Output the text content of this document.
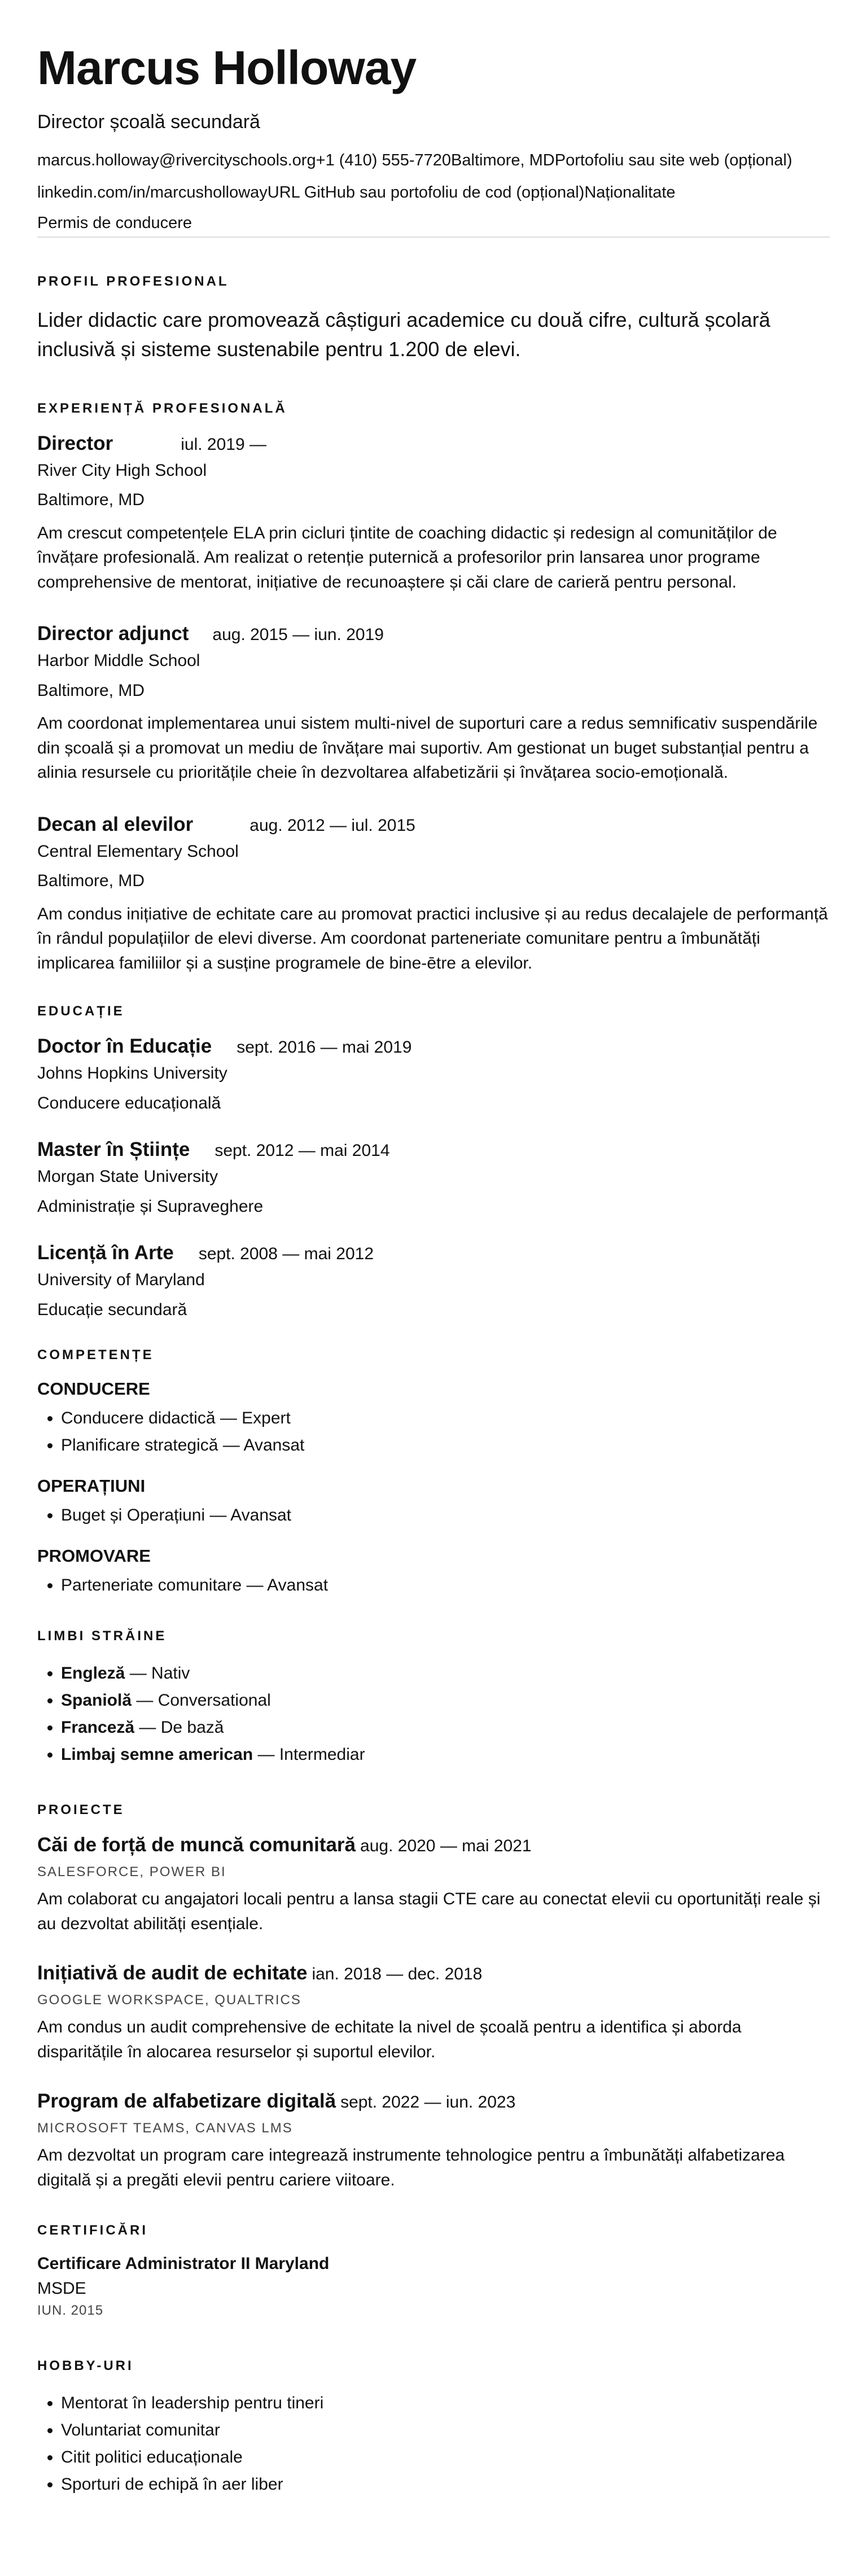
Marcus Holloway
Director școală secundară
marcus.holloway@rivercityschools.org+1 (410) 555-7720Baltimore, MDPortofoliu sau site web (opțional)
linkedin.com/in/marcushollowayURL GitHub sau portofoliu de cod (opțional)Naționalitate
Permis de conducere
PROFIL PROFESIONAL
Lider didactic care promovează câștiguri academice cu două cifre, cultură școlară inclusivă și sisteme sustenabile pentru 1.200 de elevi.
EXPERIENȚĂ PROFESIONALĂ
Director	iul. 2019 —
River City High School
Baltimore, MD
Am crescut competențele ELA prin cicluri țintite de coaching didactic și redesign al comunităților de învățare profesională. Am realizat o retenție puternică a profesorilor prin lansarea unor programe comprehensive de mentorat, inițiative de recunoaștere și căi clare de carieră pentru personal.
Director adjunct aug. 2015 — iun. 2019
Harbor Middle School
Baltimore, MD
Am coordonat implementarea unui sistem multi-nivel de suporturi care a redus semnificativ suspendările din școală și a promovat un mediu de învățare mai suportiv. Am gestionat un buget substanțial pentru a alinia resursele cu prioritățile cheie în dezvoltarea alfabetizării și învățarea socio-emoțională.
Decan al elevilor	aug. 2012 — iul. 2015
Central Elementary School
Baltimore, MD
Am condus inițiative de echitate care au promovat practici inclusive și au redus decalajele de performanță în rândul populațiilor de elevi diverse. Am coordonat parteneriate comunitare pentru a îmbunătăți implicarea familiilor și a susține programele de bine-ētre a elevilor.
EDUCAȚIE
Doctor în Educație sept. 2016 — mai 2019
Johns Hopkins University
Conducere educațională
Master în Științe sept. 2012 — mai 2014
Morgan State University
Administrație și Supraveghere
Licență în Arte sept. 2008 — mai 2012
University of Maryland
Educație secundară
COMPETENȚE
CONDUCERE
• Conducere didactică — Expert
• Planificare strategică — Avansat
OPERAȚIUNI
• Buget și Operațiuni — Avansat
PROMOVARE
• Parteneriate comunitare — Avansat
LIMBI STRĂINE
• Engleză — Nativ
• Spaniolă — Conversational
• Franceză — De bază
• Limbaj semne american — Intermediar
PROIECTE
Căi de forță de muncă comunitară aug. 2020 — mai 2021
SALESFORCE, POWER BI
Am colaborat cu angajatori locali pentru a lansa stagii CTE care au conectat elevii cu oportunități reale și au dezvoltat abilități esențiale.
Inițiativă de audit de echitate ian. 2018 — dec. 2018
GOOGLE WORKSPACE, QUALTRICS
Am condus un audit comprehensive de echitate la nivel de școală pentru a identifica și aborda disparitățile în alocarea resurselor și suportul elevilor.
Program de alfabetizare digitală sept. 2022 — iun. 2023
MICROSOFT TEAMS, CANVAS LMS
Am dezvoltat un program care integrează instrumente tehnologice pentru a îmbunătăți alfabetizarea digitală și a pregăti elevii pentru cariere viitoare.
CERTIFICĂRI
Certificare Administrator II Maryland
MSDE
IUN. 2015
HOBBY-URI
• Mentorat în leadership pentru tineri
• Voluntariat comunitar
• Citit politici educaționale
• Sporturi de echipă în aer liber
